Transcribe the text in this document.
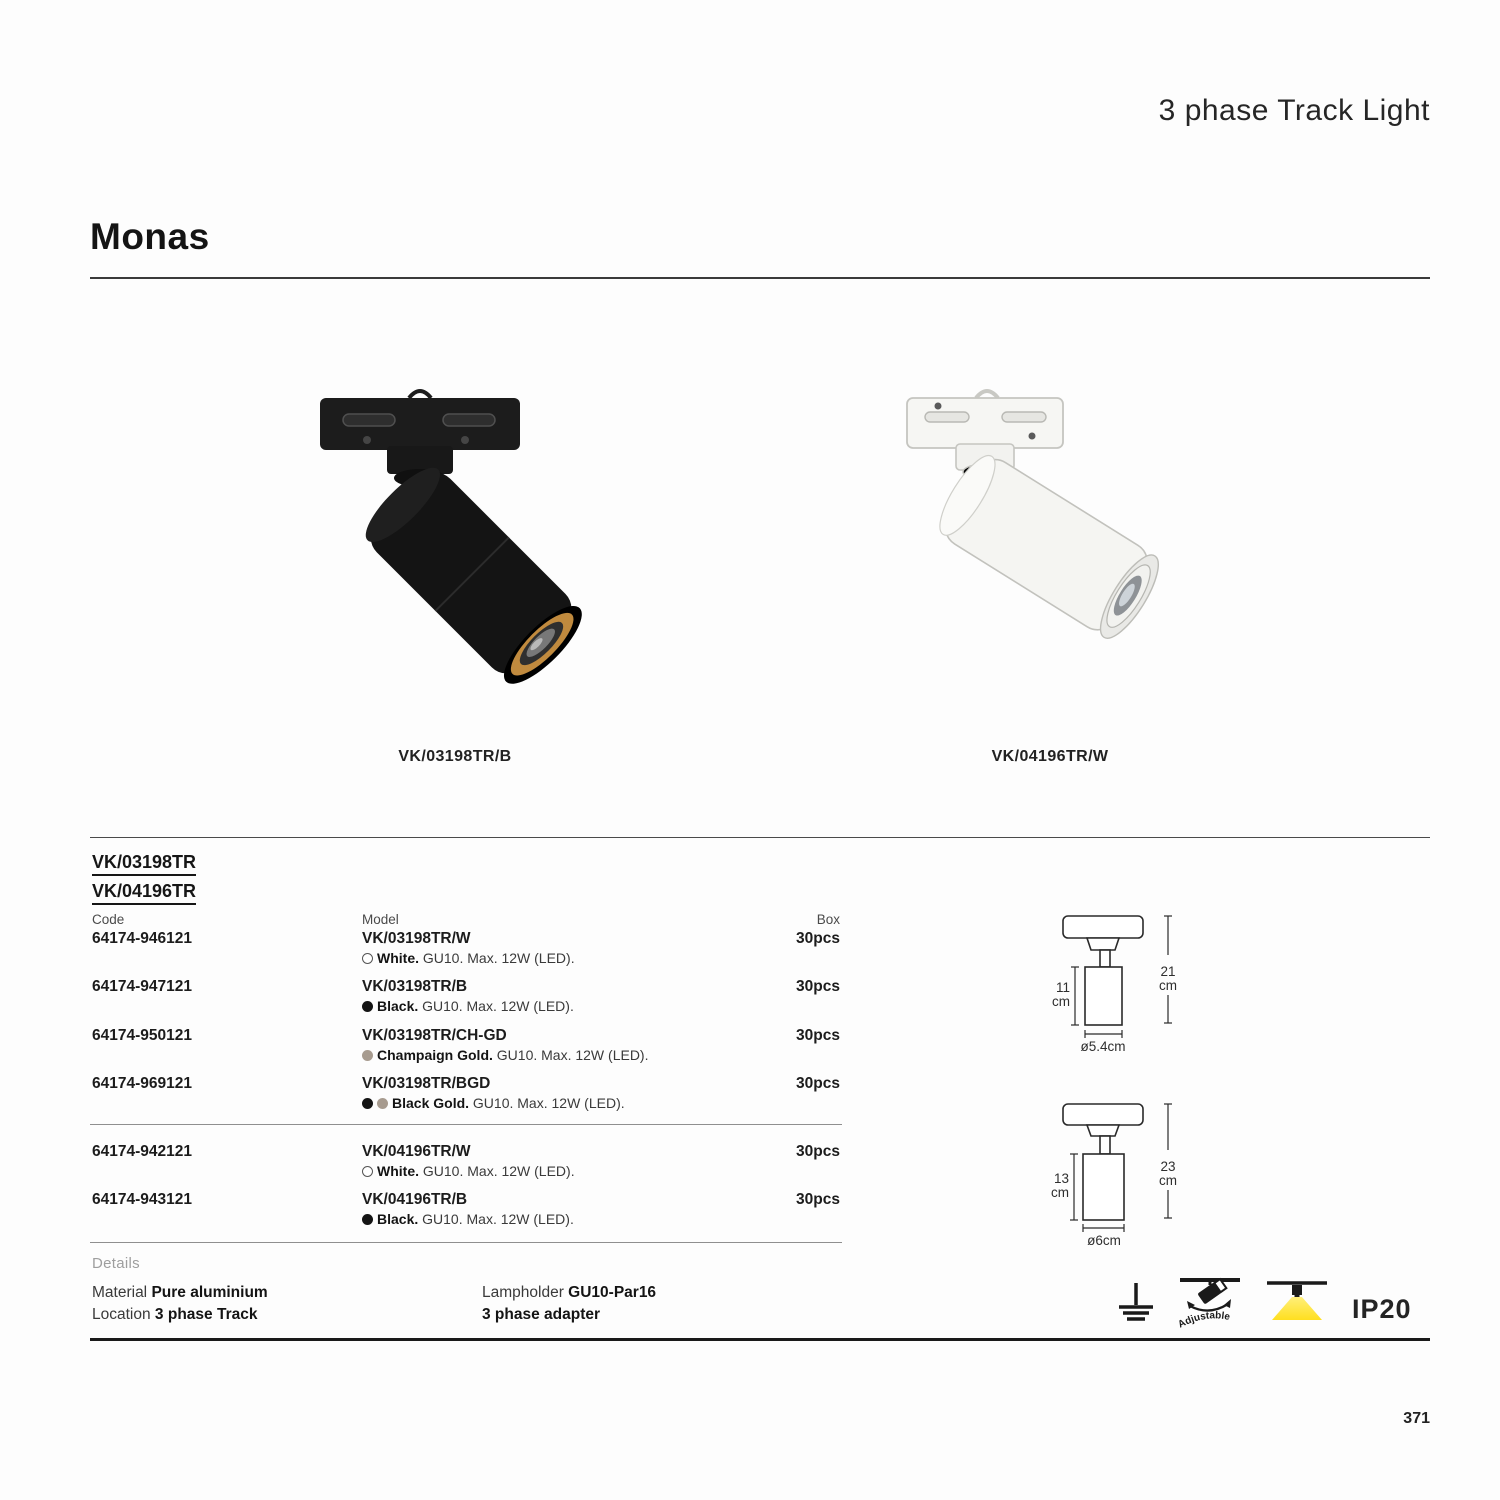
3 phase Track Light
Monas
VK/03198TR/B	VK/04196TR/W
VK/03198TR
VK/04196TR
Code	Model	Box
64174-946121	VK/03198TR/W	30pcs
White. GU10. Max. 12W (LED).
64174-947121	VK/03198TR/B	30pcs
Black. GU10. Max. 12W (LED).
64174-950121	VK/03198TR/CH-GD	30pcs
Champaign Gold. GU10. Max. 12W (LED).
64174-969121	VK/03198TR/BGD	30pcs
Black Gold. GU10. Max. 12W (LED).
64174-942121	VK/04196TR/W	30pcs
White. GU10. Max. 12W (LED).
64174-943121	VK/04196TR/B	30pcs
Black. GU10. Max. 12W (LED).
11
cm
21
cm
ø5.4cm
13
cm
23
cm
ø6cm
Details
Material Pure aluminium
Location 3 phase Track
Lampholder GU10-Par16
3 phase adapter
Adjustable	IP20
371
